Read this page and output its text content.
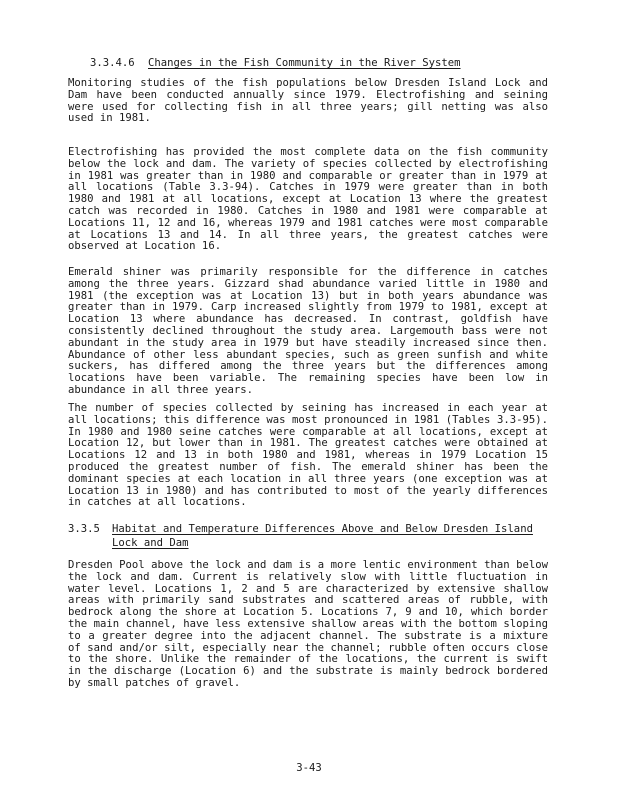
3.3.4.6 Changes in the Fish Community in the River System

Monitoring studies of the fish populations below Dresden Island Lock and Dam have been conducted annually since 1979. Electrofishing and seining were used for collecting fish in all three years; gill netting was also used in 1981.

Electrofishing has provided the most complete data on the fish community below the lock and dam. The variety of species collected by electrofishing in 1981 was greater than in 1980 and comparable or greater than in 1979 at all locations (Table 3.3-94). Catches in 1979 were greater than in both 1980 and 1981 at all locations, except at Location 13 where the greatest catch was recorded in 1980. Catches in 1980 and 1981 were comparable at Locations 11, 12 and 16, whereas 1979 and 1981 catches were most comparable at Locations 13 and 14. In all three years, the greatest catches were observed at Location 16.

Emerald shiner was primarily responsible for the difference in catches among the three years. Gizzard shad abundance varied little in 1980 and 1981 (the exception was at Location 13) but in both years abundance was greater than in 1979. Carp increased slightly from 1979 to 1981, except at Location 13 where abundance has decreased. In contrast, goldfish have consistently declined throughout the study area. Largemouth bass were not abundant in the study area in 1979 but have steadily increased since then. Abundance of other less abundant species, such as green sunfish and white suckers, has differed among the three years but the differences among locations have been variable. The remaining species have been low in abundance in all three years.

The number of species collected by seining has increased in each year at all locations; this difference was most pronounced in 1981 (Tables 3.3-95). In 1980 and 1980 seine catches were comparable at all locations, except at Location 12, but lower than in 1981. The greatest catches were obtained at Locations 12 and 13 in both 1980 and 1981, whereas in 1979 Location 15 produced the greatest number of fish. The emerald shiner has been the dominant species at each location in all three years (one exception was at Location 13 in 1980) and has contributed to most of the yearly differences in catches at all locations.

3.3.5 Habitat and Temperature Differences Above and Below Dresden Island
Lock and Dam

Dresden Pool above the lock and dam is a more lentic environment than below the lock and dam. Current is relatively slow with little fluctuation in water level. Locations 1, 2 and 5 are characterized by extensive shallow areas with primarily sand substrates and scattered areas of rubble, with bedrock along the shore at Location 5. Locations 7, 9 and 10, which border the main channel, have less extensive shallow areas with the bottom sloping to a greater degree into the adjacent channel. The substrate is a mixture of sand and/or silt, especially near the channel; rubble often occurs close to the shore. Unlike the remainder of the locations, the current is swift in the discharge (Location 6) and the substrate is mainly bedrock bordered by small patches of gravel.

3-43
